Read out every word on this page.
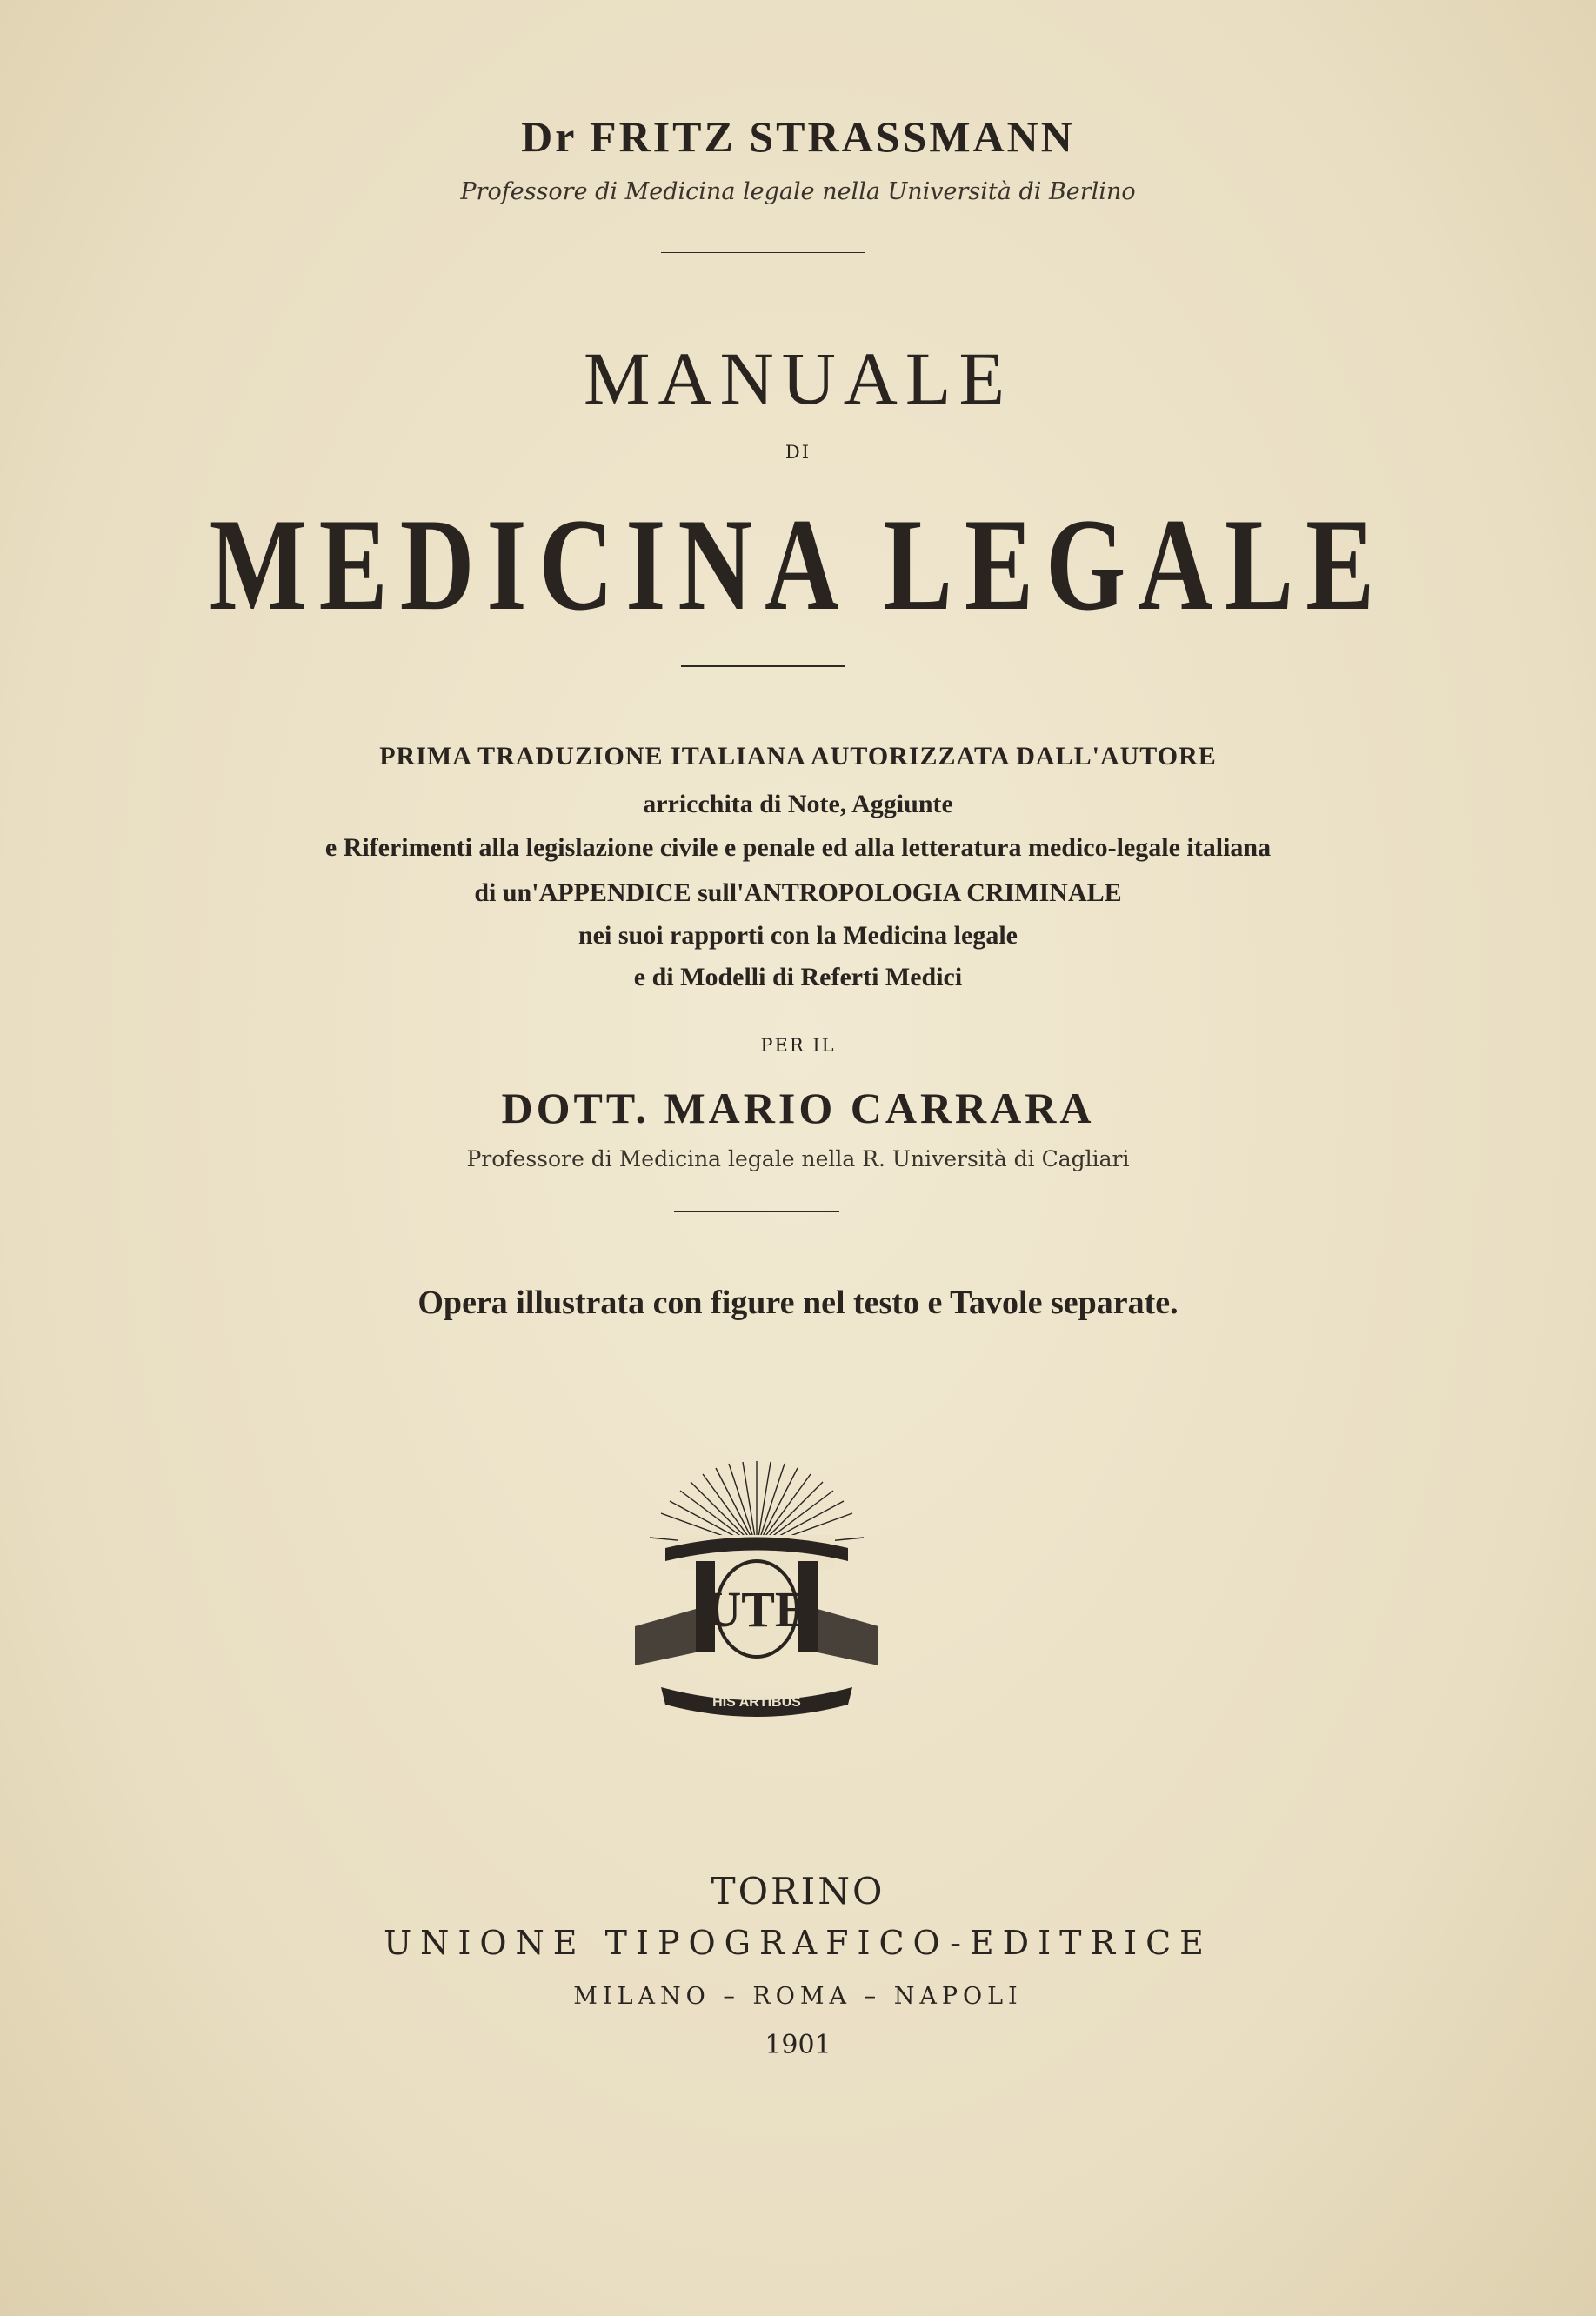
Dr FRITZ STRASSMANN
Professore di Medicina legale nella Università di Berlino
MANUALE
DI
MEDICINA LEGALE
PRIMA TRADUZIONE ITALIANA AUTORIZZATA DALL'AUTORE
arricchita di Note, Aggiunte
e Riferimenti alla legislazione civile e penale ed alla letteratura medico-legale italiana
di un'APPENDICE sull'ANTROPOLOGIA CRIMINALE
nei suoi rapporti con la Medicina legale
e di Modelli di Referti Medici
PER IL
DOTT. MARIO CARRARA
Professore di Medicina legale nella R. Università di Cagliari
Opera illustrata con figure nel testo e Tavole separate.
UTE
HIS ARTIBUS
TORINO
UNIONE TIPOGRAFICO-EDITRICE
MILANO – ROMA – NAPOLI
1901
